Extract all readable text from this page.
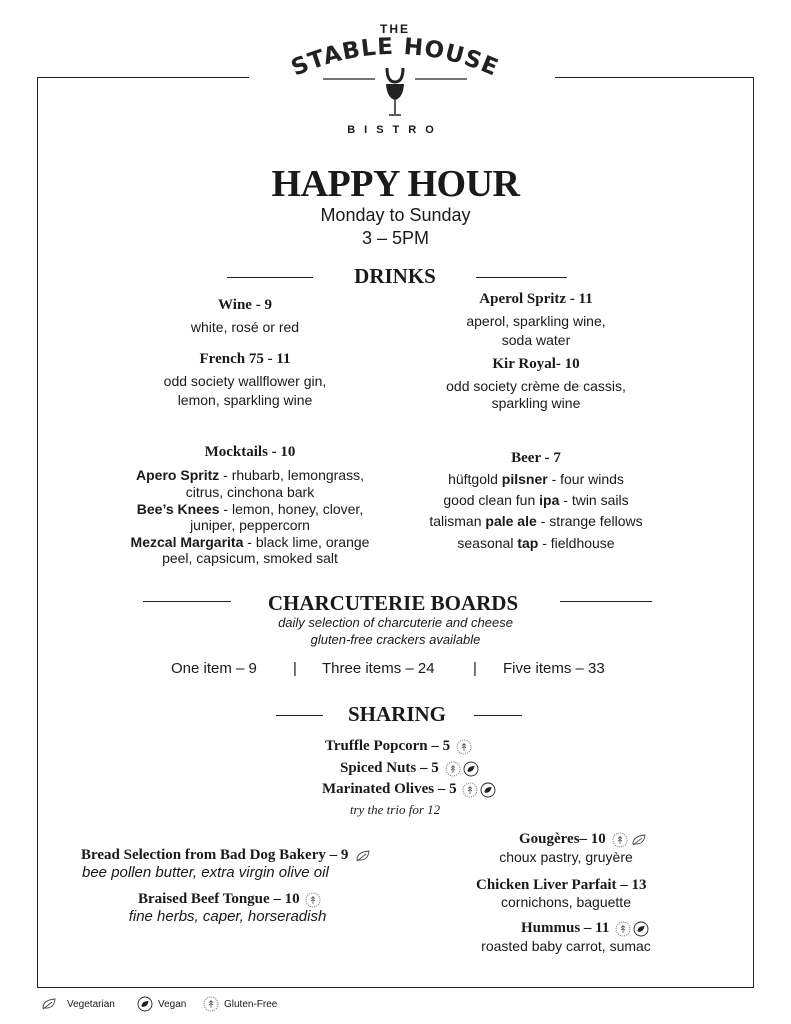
THE
STABLE HOUSE
BISTRO
HAPPY HOUR
Monday to Sunday
3 – 5PM
DRINKS
Wine - 9
white, rosé or red
French 75 - 11
odd society wallflower gin,
lemon, sparkling wine
Aperol Spritz - 11
aperol, sparkling wine,
soda water
Kir Royal- 10
odd society crème de cassis,
sparkling wine
Mocktails - 10
Apero Spritz - rhubarb, lemongrass,
citrus, cinchona bark
Bee’s Knees - lemon, honey, clover,
juniper, peppercorn
Mezcal Margarita - black lime, orange
peel, capsicum, smoked salt
Beer - 7
hüftgold pilsner - four winds
good clean fun ipa - twin sails
talisman pale ale - strange fellows
seasonal tap - fieldhouse
CHARCUTERIE BOARDS
daily selection of charcuterie and cheese
gluten-free crackers available
One item – 9 | Three items – 24	| Five items – 33
SHARING
Truffle Popcorn – 5
Spiced Nuts – 5
Marinated Olives – 5
try the trio for 12
Bread Selection from Bad Dog Bakery – 9
bee pollen butter, extra virgin olive oil
Braised Beef Tongue – 10
fine herbs, caper, horseradish
Gougères– 10
choux pastry, gruyère
Chicken Liver Parfait – 13
cornichons, baguette
Hummus – 11
roasted baby carrot, sumac
Vegetarian	Vegan	Gluten-Free
